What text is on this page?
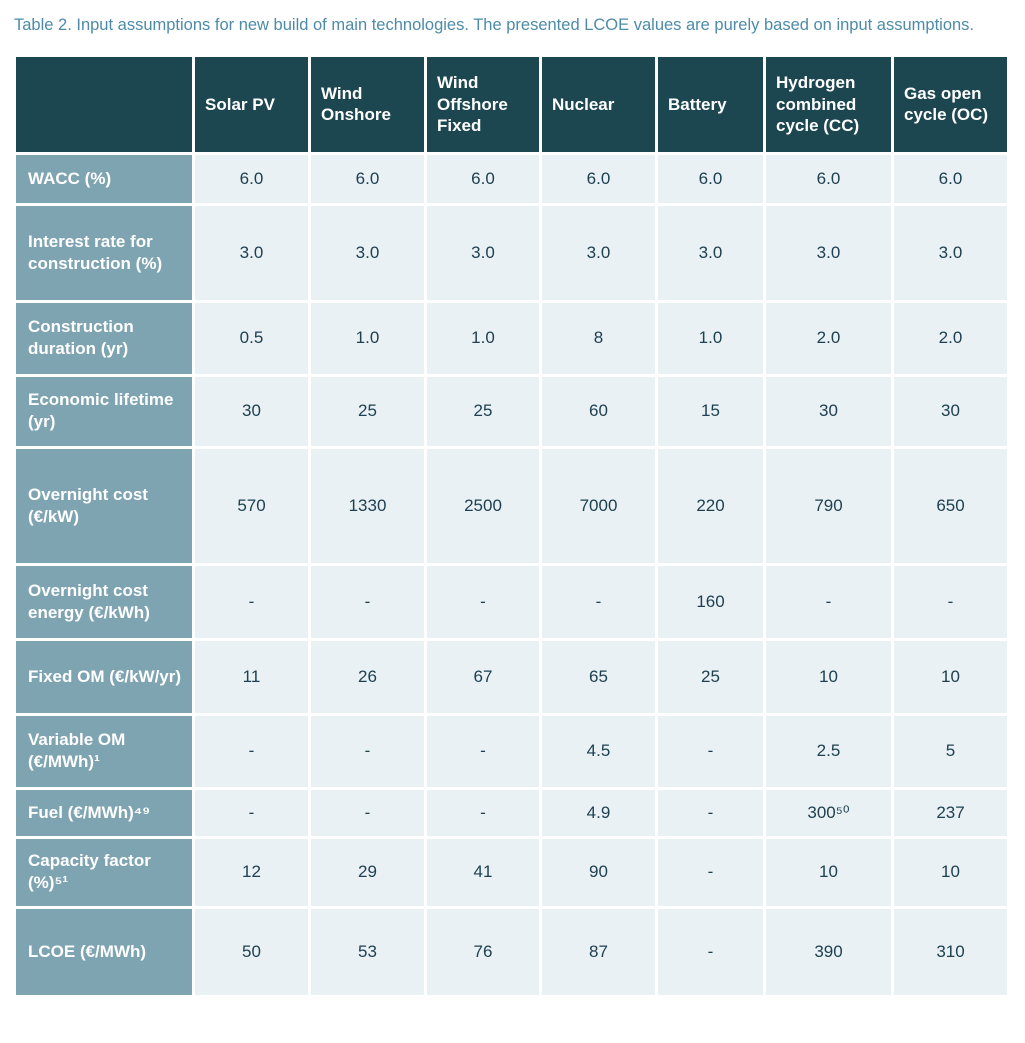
Table 2. Input assumptions for new build of main technologies. The presented LCOE values are purely based on input assumptions.
	Solar PV	Wind Onshore	Wind Offshore Fixed	Nuclear	Battery	Hydrogen combined cycle (CC)	Gas open cycle (OC)
WACC (%)	6.0	6.0	6.0	6.0	6.0	6.0	6.0
Interest rate for construction (%)	3.0	3.0	3.0	3.0	3.0	3.0	3.0
Construction duration (yr)	0.5	1.0	1.0	8	1.0	2.0	2.0
Economic lifetime (yr)	30	25	25	60	15	30	30
Overnight cost (€/kW)	570	1330	2500	7000	220	790	650
Overnight cost energy (€/kWh)	-	-	-	-	160	-	-
Fixed OM (€/kW/yr)	11	26	67	65	25	10	10
Variable OM (€/MWh)¹	-	-	-	4.5	-	2.5	5
Fuel (€/MWh)⁴⁹	-	-	-	4.9	-	300⁵⁰	237
Capacity factor (%)⁵¹	12	29	41	90	-	10	10
LCOE (€/MWh)	50	53	76	87	-	390	310
